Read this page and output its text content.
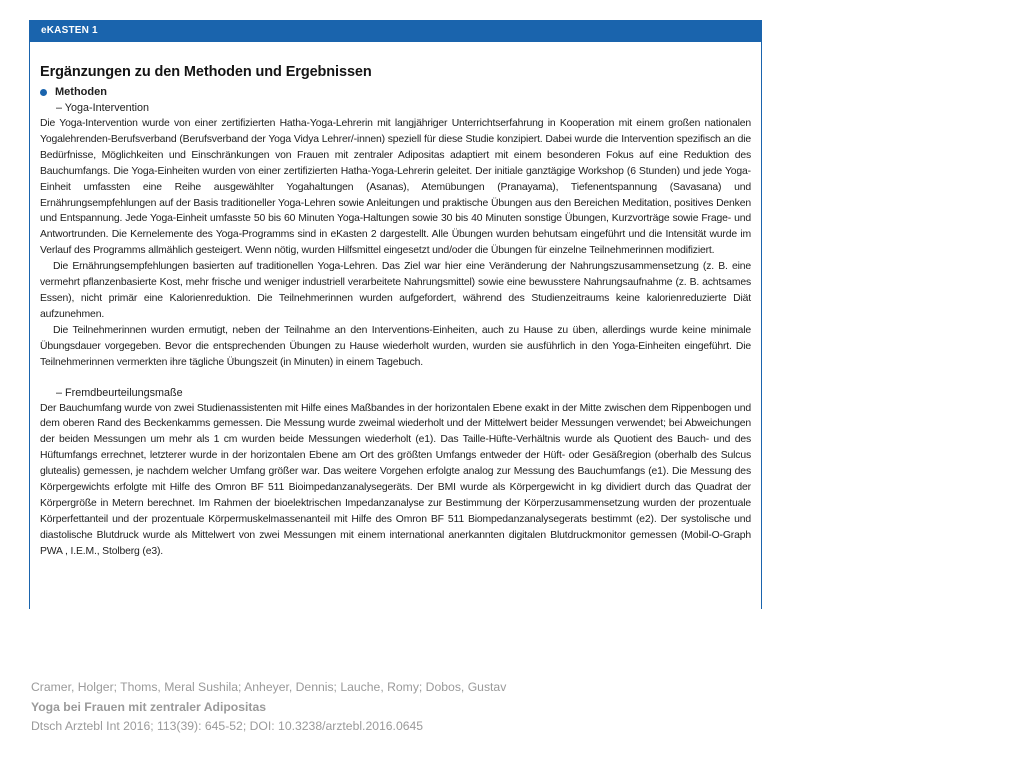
eKASTEN 1
Ergänzungen zu den Methoden und Ergebnissen
Methoden
– Yoga-Intervention

Die Yoga-Intervention wurde von einer zertifizierten Hatha-Yoga-Lehrerin mit langjähriger Unterrichtserfahrung in Kooperation mit einem großen nationalen Yogalehrenden-Berufsverband (Berufsverband der Yoga Vidya Lehrer/-innen) speziell für diese Studie konzipiert. Dabei wurde die Intervention spezifisch an die Bedürfnisse, Möglichkeiten und Einschränkungen von Frauen mit zentraler Adipositas adaptiert mit einem besonderen Fokus auf eine Reduktion des Bauchumfangs. Die Yoga-Einheiten wurden von einer zertifizierten Hatha-Yoga-Lehrerin geleitet. Der initiale ganztägige Workshop (6 Stunden) und jede Yoga-Einheit umfassten eine Reihe ausgewählter Yogahaltungen (Asanas), Atemübungen (Pranayama), Tiefenentspannung (Savasana) und Ernährungsempfehlungen auf der Basis traditioneller Yoga-Lehren sowie Anleitungen und praktische Übungen aus den Bereichen Meditation, positives Denken und Entspannung. Jede Yoga-Einheit umfasste 50 bis 60 Minuten Yoga-Haltungen sowie 30 bis 40 Minuten sonstige Übungen, Kurzvorträge sowie Frage- und Antwortrunden. Die Kernelemente des Yoga-Programms sind in eKasten 2 dargestellt. Alle Übungen wurden behutsam eingeführt und die Intensität wurde im Verlauf des Programms allmählich gesteigert. Wenn nötig, wurden Hilfsmittel eingesetzt und/oder die Übungen für einzelne Teilnehmerinnen modifiziert.

Die Ernährungsempfehlungen basierten auf traditionellen Yoga-Lehren. Das Ziel war hier eine Veränderung der Nahrungszusammensetzung (z. B. eine vermehrt pflanzenbasierte Kost, mehr frische und weniger industriell verarbeitete Nahrungsmittel) sowie eine bewusstere Nahrungsaufnahme (z. B. achtsames Essen), nicht primär eine Kalorienreduktion. Die Teilnehmerinnen wurden aufgefordert, während des Studienzeitraums keine kalorienreduzierte Diät aufzunehmen.

Die Teilnehmerinnen wurden ermutigt, neben der Teilnahme an den Interventions-Einheiten, auch zu Hause zu üben, allerdings wurde keine minimale Übungsdauer vorgegeben. Bevor die entsprechenden Übungen zu Hause wiederholt wurden, wurden sie ausführlich in den Yoga-Einheiten eingeführt. Die Teilnehmerinnen vermerkten ihre tägliche Übungszeit (in Minuten) in einem Tagebuch.

– Fremdbeurteilungsmaße

Der Bauchumfang wurde von zwei Studienassistenten mit Hilfe eines Maßbandes in der horizontalen Ebene exakt in der Mitte zwischen dem Rippenbogen und dem oberen Rand des Beckenkamms gemessen. Die Messung wurde zweimal wiederholt und der Mittelwert beider Messungen verwendet; bei Abweichungen der beiden Messungen um mehr als 1 cm wurden beide Messungen wiederholt (e1). Das Taille-Hüfte-Verhältnis wurde als Quotient des Bauch- und des Hüftumfangs errechnet, letzterer wurde in der horizontalen Ebene am Ort des größten Umfangs entweder der Hüft- oder Gesäßregion (oberhalb des Sulcus glutealis) gemessen, je nachdem welcher Umfang größer war. Das weitere Vorgehen erfolgte analog zur Messung des Bauchumfangs (e1). Die Messung des Körpergewichts erfolgte mit Hilfe des Omron BF 511 Bioimpedanzanalysegeräts. Der BMI wurde als Körpergewicht in kg dividiert durch das Quadrat der Körpergröße in Metern berechnet. Im Rahmen der bioelektrischen Impedanzanalyse zur Bestimmung der Körperzusammensetzung wurden der prozentuale Körperfettanteil und der prozentuale Körpermuskelmassenanteil mit Hilfe des Omron BF 511 Biompedanzanalysegerats bestimmt (e2). Der systolische und diastolische Blutdruck wurde als Mittelwert von zwei Messungen mit einem international anerkannten digitalen Blutdruckmonitor gemessen (Mobil-O-Graph PWA , I.E.M., Stolberg (e3).

Cramer, Holger; Thoms, Meral Sushila; Anheyer, Dennis; Lauche, Romy; Dobos, Gustav
Yoga bei Frauen mit zentraler Adipositas
Dtsch Arztebl Int 2016; 113(39): 645-52; DOI: 10.3238/arztebl.2016.0645
